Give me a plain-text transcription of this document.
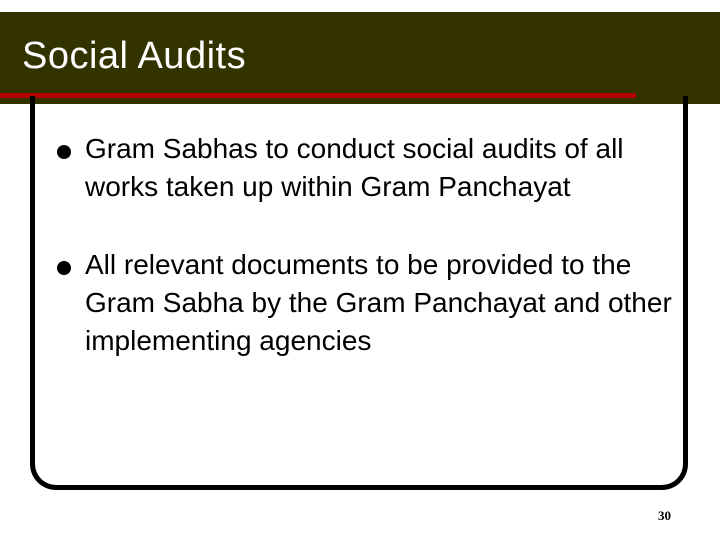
Social Audits
Gram Sabhas to conduct social audits of all works taken up within Gram Panchayat
All relevant documents to be provided to the Gram Sabha by the Gram Panchayat and other implementing agencies
30
